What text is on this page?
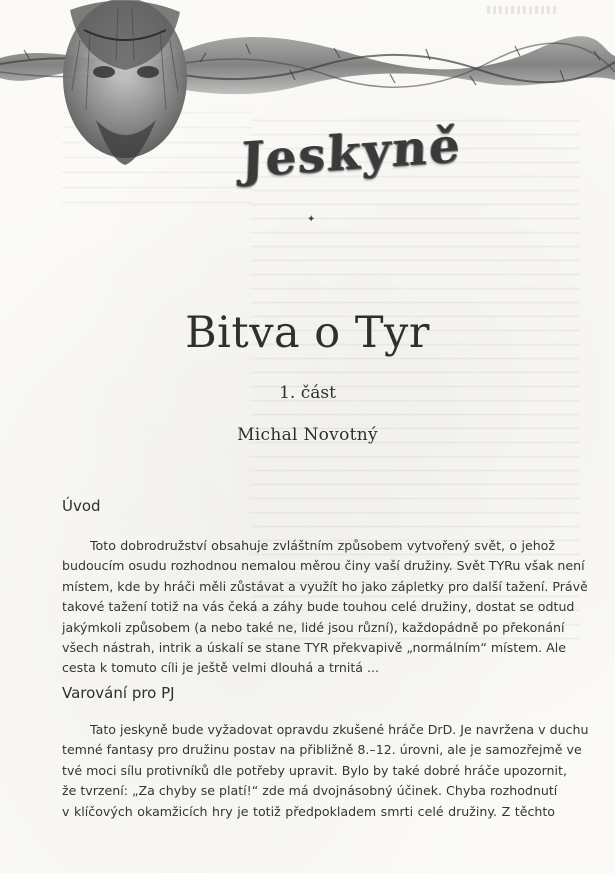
✦
Jeskyně
Bitva o Tyr
1. část
Michal Novotný
Úvod
Toto dobrodružství obsahuje zvláštním způsobem vytvořený svět, o jehož
budoucím osudu rozhodnou nemalou měrou činy vaší družiny. Svět TYRu však není
místem, kde by hráči měli zůstávat a využít ho jako zápletky pro další tažení. Právě
takové tažení totiž na vás čeká a záhy bude touhou celé družiny, dostat se odtud
jakýmkoli způsobem (a nebo také ne, lidé jsou různí), každopádně po překonání
všech nástrah, intrik a úskalí se stane TYR překvapivě „normálním“ místem. Ale
cesta k tomuto cíli je ještě velmi dlouhá a trnitá ...
Varování pro PJ
Tato jeskyně bude vyžadovat opravdu zkušené hráče DrD. Je navržena v duchu
temné fantasy pro družinu postav na přibližně 8.–12. úrovni, ale je samozřejmě ve
tvé moci sílu protivníků dle potřeby upravit. Bylo by také dobré hráče upozornit,
že tvrzení: „Za chyby se platí!“ zde má dvojnásobný účinek. Chyba rozhodnutí
v klíčových okamžicích hry je totiž předpokladem smrti celé družiny. Z těchto
